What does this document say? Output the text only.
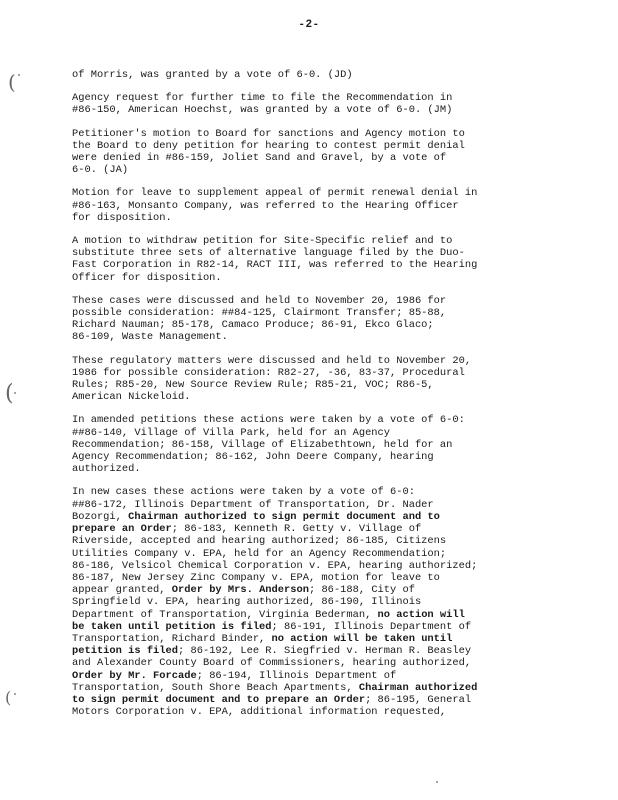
-2-
(
(
(

of Morris, was granted by a vote of 6-0. (JD)

Agency request for further time to file the Recommendation in
#86-150, American Hoechst, was granted by a vote of 6-0. (JM)

Petitioner's motion to Board for sanctions and Agency motion to
the Board to deny petition for hearing to contest permit denial
were denied in #86-159, Joliet Sand and Gravel, by a vote of
6-0. (JA)

Motion for leave to supplement appeal of permit renewal denial in
#86-163, Monsanto Company, was referred to the Hearing Officer
for disposition.

A motion to withdraw petition for Site-Specific relief and to
substitute three sets of alternative language filed by the Duo-
Fast Corporation in R82-14, RACT III, was referred to the Hearing
Officer for disposition.

These cases were discussed and held to November 20, 1986 for
possible consideration: ##84-125, Clairmont Transfer; 85-88,
Richard Nauman; 85-178, Camaco Produce; 86-91, Ekco Glaco;
86-109, Waste Management.

These regulatory matters were discussed and held to November 20,
1986 for possible consideration: R82-27, -36, 83-37, Procedural
Rules; R85-20, New Source Review Rule; R85-21, VOC; R86-5,
American Nickeloid.

In amended petitions these actions were taken by a vote of 6-0:
##86-140, Village of Villa Park, held for an Agency
Recommendation; 86-158, Village of Elizabethtown, held for an
Agency Recommendation; 86-162, John Deere Company, hearing
authorized.

In new cases these actions were taken by a vote of 6-0:
##86-172, Illinois Department of Transportation, Dr. Nader
Bozorgi, Chairman authorized to sign permit document and to
prepare an Order; 86-183, Kenneth R. Getty v. Village of
Riverside, accepted and hearing authorized; 86-185, Citizens
Utilities Company v. EPA, held for an Agency Recommendation;
86-186, Velsicol Chemical Corporation v. EPA, hearing authorized;
86-187, New Jersey Zinc Company v. EPA, motion for leave to
appear granted, Order by Mrs. Anderson; 86-188, City of
Springfield v. EPA, hearing authorized, 86-190, Illinois
Department of Transportation, Virginia Bederman, no action will
be taken until petition is filed; 86-191, Illinois Department of
Transportation, Richard Binder, no action will be taken until
petition is filed; 86-192, Lee R. Siegfried v. Herman R. Beasley
and Alexander County Board of Commissioners, hearing authorized,
Order by Mr. Forcade; 86-194, Illinois Department of
Transportation, South Shore Beach Apartments, Chairman authorized
to sign permit document and to prepare an Order; 86-195, General
Motors Corporation v. EPA, additional information requested,
